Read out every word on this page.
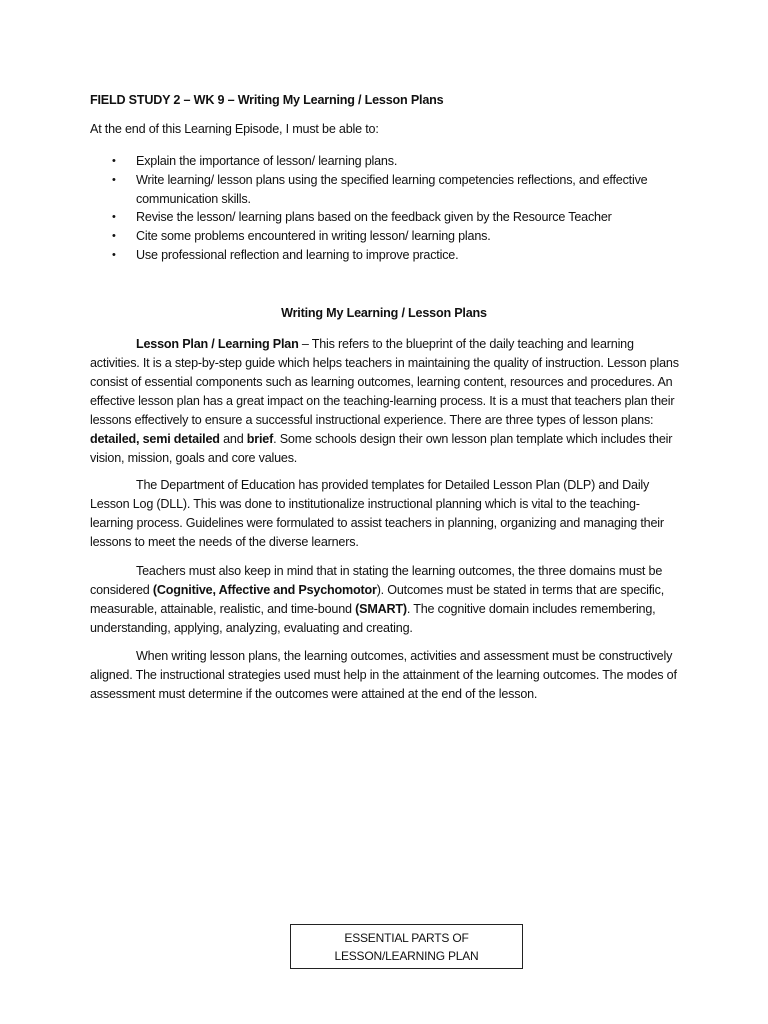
FIELD STUDY 2 – WK 9 – Writing My Learning / Lesson Plans
At the end of this Learning Episode, I must be able to:
• Explain the importance of lesson/ learning plans.
• Write learning/ lesson plans using the specified learning competencies reflections, and effective communication skills.
• Revise the lesson/ learning plans based on the feedback given by the Resource Teacher
• Cite some problems encountered in writing lesson/ learning plans.
• Use professional reflection and learning to improve practice.
Writing My Learning / Lesson Plans

Lesson Plan / Learning Plan – This refers to the blueprint of the daily teaching and learning activities. It is a step-by-step guide which helps teachers in maintaining the quality of instruction. Lesson plans consist of essential components such as learning outcomes, learning content, resources and procedures. An effective lesson plan has a great impact on the teaching-learning process. It is a must that teachers plan their lessons effectively to ensure a successful instructional experience. There are three types of lesson plans: detailed, semi detailed and brief. Some schools design their own lesson plan template which includes their vision, mission, goals and core values.

The Department of Education has provided templates for Detailed Lesson Plan (DLP) and Daily Lesson Log (DLL). This was done to institutionalize instructional planning which is vital to the teaching-learning process. Guidelines were formulated to assist teachers in planning, organizing and managing their lessons to meet the needs of the diverse learners.

Teachers must also keep in mind that in stating the learning outcomes, the three domains must be considered (Cognitive, Affective and Psychomotor). Outcomes must be stated in terms that are specific, measurable, attainable, realistic, and time-bound (SMART). The cognitive domain includes remembering, understanding, applying, analyzing, evaluating and creating.

When writing lesson plans, the learning outcomes, activities and assessment must be constructively aligned. The instructional strategies used must help in the attainment of the learning outcomes. The modes of assessment must determine if the outcomes were attained at the end of the lesson.

ESSENTIAL PARTS OF
LESSON/LEARNING PLAN
